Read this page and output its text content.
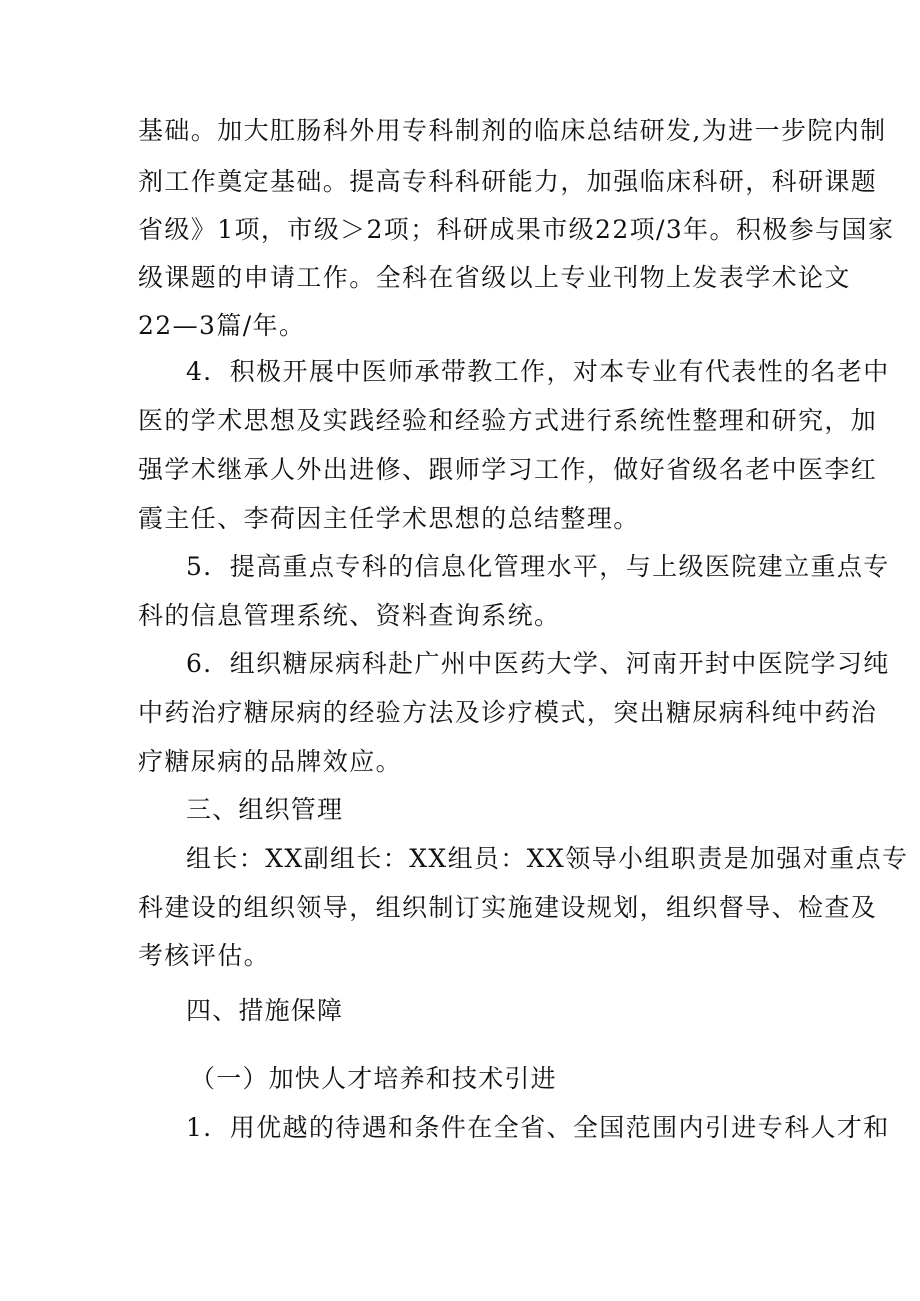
基础。加大肛肠科外用专科制剂的临床总结研发,为进一步院内制
剂工作奠定基础。提高专科科研能力，加强临床科研，科研课题
省级》1项，市级＞2项；科研成果市级22项/3年。积极参与国家
级课题的申请工作。全科在省级以上专业刊物上发表学术论文
22—3篇/年。
4．积极开展中医师承带教工作，对本专业有代表性的名老中
医的学术思想及实践经验和经验方式进行系统性整理和研究，加
强学术继承人外出进修、跟师学习工作，做好省级名老中医李红
霞主任、李荷因主任学术思想的总结整理。
5．提高重点专科的信息化管理水平，与上级医院建立重点专
科的信息管理系统、资料查询系统。
6．组织糖尿病科赴广州中医药大学、河南开封中医院学习纯
中药治疗糖尿病的经验方法及诊疗模式，突出糖尿病科纯中药治
疗糖尿病的品牌效应。
三、组织管理
组长：XX副组长：XX组员：XX领导小组职责是加强对重点专
科建设的组织领导，组织制订实施建设规划，组织督导、检查及
考核评估。
四、措施保障
（一）加快人才培养和技术引进
1．用优越的待遇和条件在全省、全国范围内引进专科人才和
